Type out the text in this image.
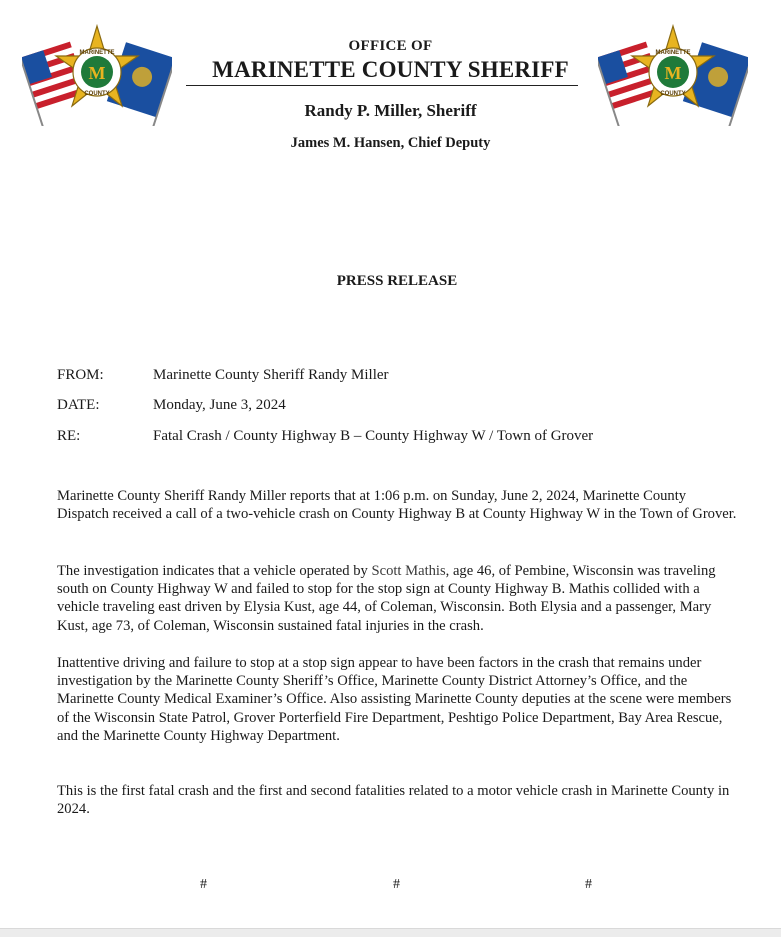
M
MARINETTE
COUNTY
M
MARINETTE
COUNTY
OFFICE OF
MARINETTE COUNTY SHERIFF
Randy P. Miller, Sheriff
James M. Hansen, Chief Deputy
PRESS RELEASE
FROM:	Marinette County Sheriff Randy Miller
DATE:	Monday, June 3, 2024
RE:	Fatal Crash / County Highway B – County Highway W / Town of Grover
Marinette County Sheriff Randy Miller reports that at 1:06 p.m. on Sunday, June 2, 2024, Marinette County Dispatch received a call of a two-vehicle crash on County Highway B at County Highway W in the Town of Grover.
The investigation indicates that a vehicle operated by Scott Mathis, age 46, of Pembine, Wisconsin was traveling south on County Highway W and failed to stop for the stop sign at County Highway B. Mathis collided with a vehicle traveling east driven by Elysia Kust, age 44, of Coleman, Wisconsin. Both Elysia and a passenger, Mary Kust, age 73, of Coleman, Wisconsin sustained fatal injuries in the crash.
Inattentive driving and failure to stop at a stop sign appear to have been factors in the crash that remains under investigation by the Marinette County Sheriff’s Office, Marinette County District Attorney’s Office, and the Marinette County Medical Examiner’s Office. Also assisting Marinette County deputies at the scene were members of the Wisconsin State Patrol, Grover Porterfield Fire Department, Peshtigo Police Department, Bay Area Rescue, and the Marinette County Highway Department.
This is the first fatal crash and the first and second fatalities related to a motor vehicle crash in Marinette County in 2024.
#	#	#
